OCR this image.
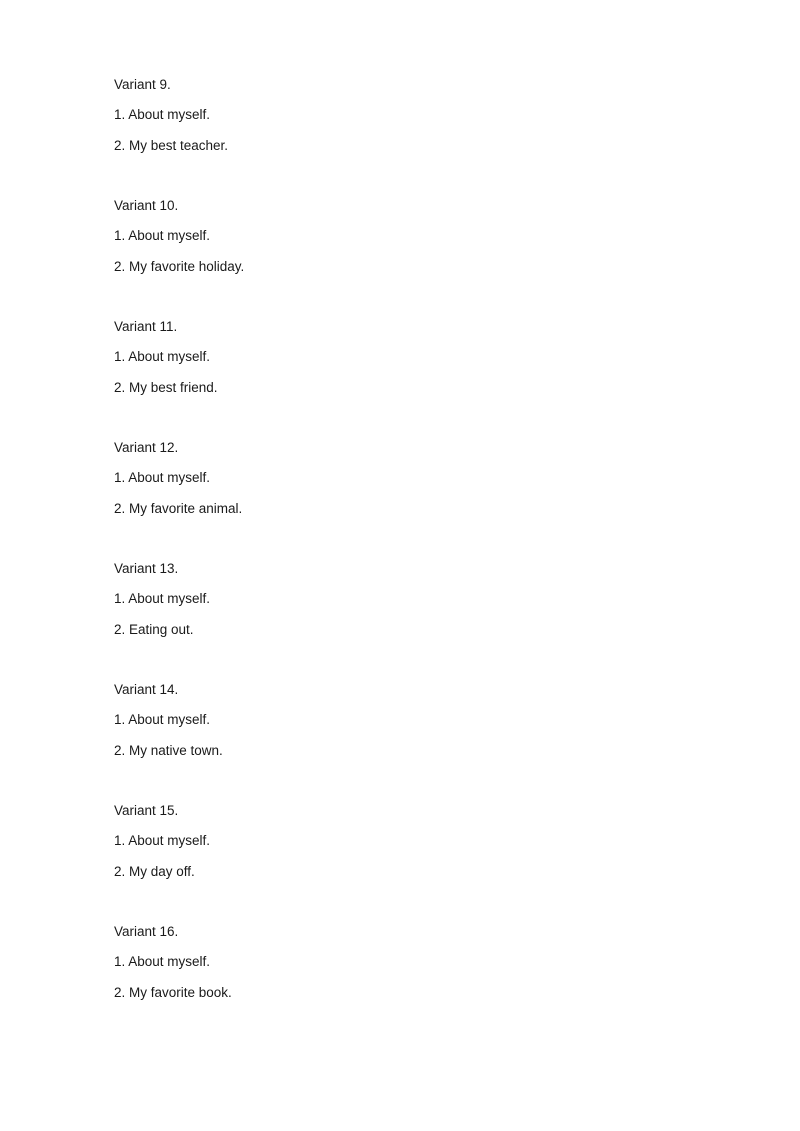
Variant 9.
1. About myself.
2. My best teacher.
Variant 10.
1. About myself.
2. My favorite holiday.
Variant 11.
1. About myself.
2. My best friend.
Variant 12.
1. About myself.
2. My favorite animal.
Variant 13.
1. About myself.
2. Eating out.
Variant 14.
1. About myself.
2. My native town.
Variant 15.
1. About myself.
2. My day off.
Variant 16.
1. About myself.
2. My favorite book.
